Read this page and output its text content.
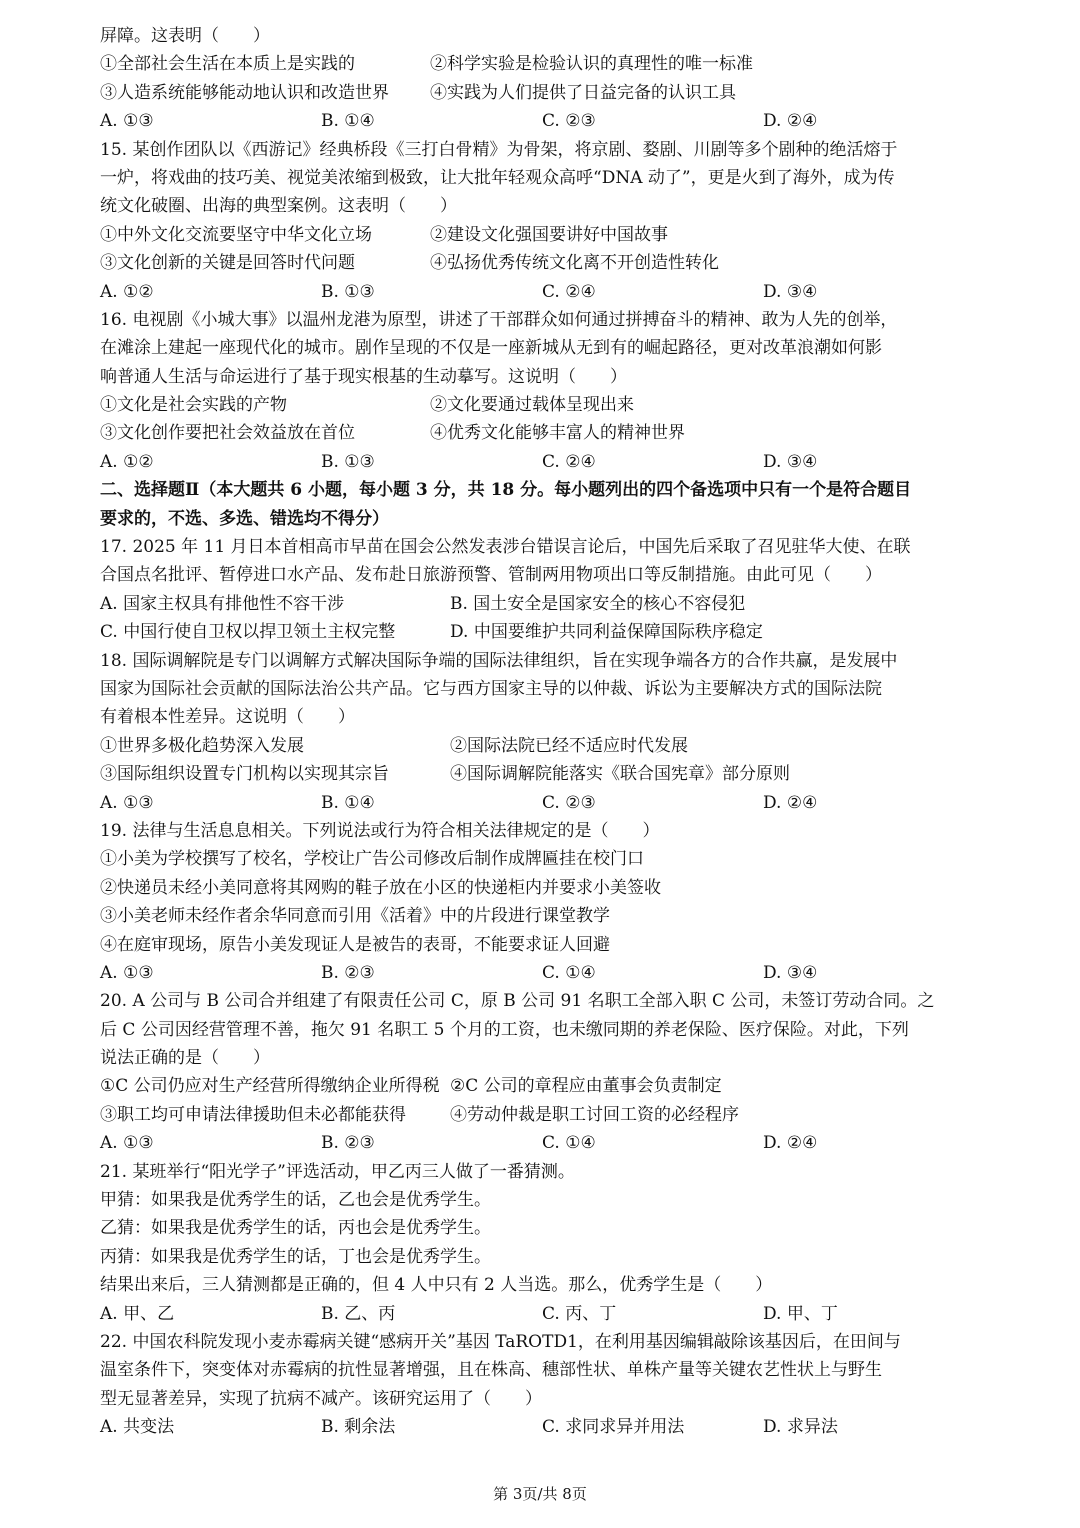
屏障。这表明（　　）
①全部社会生活在本质上是实践的	②科学实验是检验认识的真理性的唯一标准
③人造系统能够能动地认识和改造世界	④实践为人们提供了日益完备的认识工具
A. ①③	B. ①④	C. ②③	D. ②④
15. 某创作团队以《西游记》经典桥段《三打白骨精》为骨架，将京剧、婺剧、川剧等多个剧种的绝活熔于
一炉，将戏曲的技巧美、视觉美浓缩到极致，让大批年轻观众高呼“DNA 动了”，更是火到了海外，成为传
统文化破圈、出海的典型案例。这表明（　　）
①中外文化交流要坚守中华文化立场	②建设文化强国要讲好中国故事
③文化创新的关键是回答时代问题	④弘扬优秀传统文化离不开创造性转化
A. ①②	B. ①③	C. ②④	D. ③④
16. 电视剧《小城大事》以温州龙港为原型，讲述了干部群众如何通过拼搏奋斗的精神、敢为人先的创举，
在滩涂上建起一座现代化的城市。剧作呈现的不仅是一座新城从无到有的崛起路径，更对改革浪潮如何影
响普通人生活与命运进行了基于现实根基的生动摹写。这说明（　　）
①文化是社会实践的产物	②文化要通过载体呈现出来
③文化创作要把社会效益放在首位	④优秀文化能够丰富人的精神世界
A. ①②	B. ①③	C. ②④	D. ③④
二、选择题Ⅱ（本大题共 6 小题，每小题 3 分，共 18 分。每小题列出的四个备选项中只有一个是符合题目
要求的，不选、多选、错选均不得分）
17. 2025 年 11 月日本首相高市早苗在国会公然发表涉台错误言论后，中国先后采取了召见驻华大使、在联
合国点名批评、暂停进口水产品、发布赴日旅游预警、管制两用物项出口等反制措施。由此可见（　　）
A. 国家主权具有排他性不容干涉	B. 国土安全是国家安全的核心不容侵犯
C. 中国行使自卫权以捍卫领土主权完整	D. 中国要维护共同利益保障国际秩序稳定
18. 国际调解院是专门以调解方式解决国际争端的国际法律组织，旨在实现争端各方的合作共赢，是发展中
国家为国际社会贡献的国际法治公共产品。它与西方国家主导的以仲裁、诉讼为主要解决方式的国际法院
有着根本性差异。这说明（　　）
①世界多极化趋势深入发展	②国际法院已经不适应时代发展
③国际组织设置专门机构以实现其宗旨	④国际调解院能落实《联合国宪章》部分原则
A. ①③	B. ①④	C. ②③	D. ②④
19. 法律与生活息息相关。下列说法或行为符合相关法律规定的是（　　）
①小美为学校撰写了校名，学校让广告公司修改后制作成牌匾挂在校门口
②快递员未经小美同意将其网购的鞋子放在小区的快递柜内并要求小美签收
③小美老师未经作者余华同意而引用《活着》中的片段进行课堂教学
④在庭审现场，原告小美发现证人是被告的表哥，不能要求证人回避
A. ①③	B. ②③	C. ①④	D. ③④
20. A 公司与 B 公司合并组建了有限责任公司 C，原 B 公司 91 名职工全部入职 C 公司，未签订劳动合同。之
后 C 公司因经营管理不善，拖欠 91 名职工 5 个月的工资，也未缴同期的养老保险、医疗保险。对此，下列
说法正确的是（　　）
①C 公司仍应对生产经营所得缴纳企业所得税 ②C 公司的章程应由董事会负责制定
③职工均可申请法律援助但未必都能获得	④劳动仲裁是职工讨回工资的必经程序
A. ①③	B. ②③	C. ①④	D. ②④
21. 某班举行“阳光学子”评选活动，甲乙丙三人做了一番猜测。
甲猜：如果我是优秀学生的话，乙也会是优秀学生。
乙猜：如果我是优秀学生的话，丙也会是优秀学生。
丙猜：如果我是优秀学生的话，丁也会是优秀学生。
结果出来后，三人猜测都是正确的，但 4 人中只有 2 人当选。那么，优秀学生是（　　）
A. 甲、乙	B. 乙、丙	C. 丙、丁	D. 甲、丁
22. 中国农科院发现小麦赤霉病关键“感病开关”基因 TaROTD1，在利用基因编辑敲除该基因后，在田间与
温室条件下，突变体对赤霉病的抗性显著增强，且在株高、穗部性状、单株产量等关键农艺性状上与野生
型无显著差异，实现了抗病不减产。该研究运用了（　　）
A. 共变法	B. 剩余法	C. 求同求异并用法	D. 求异法
第 3页/共 8页
